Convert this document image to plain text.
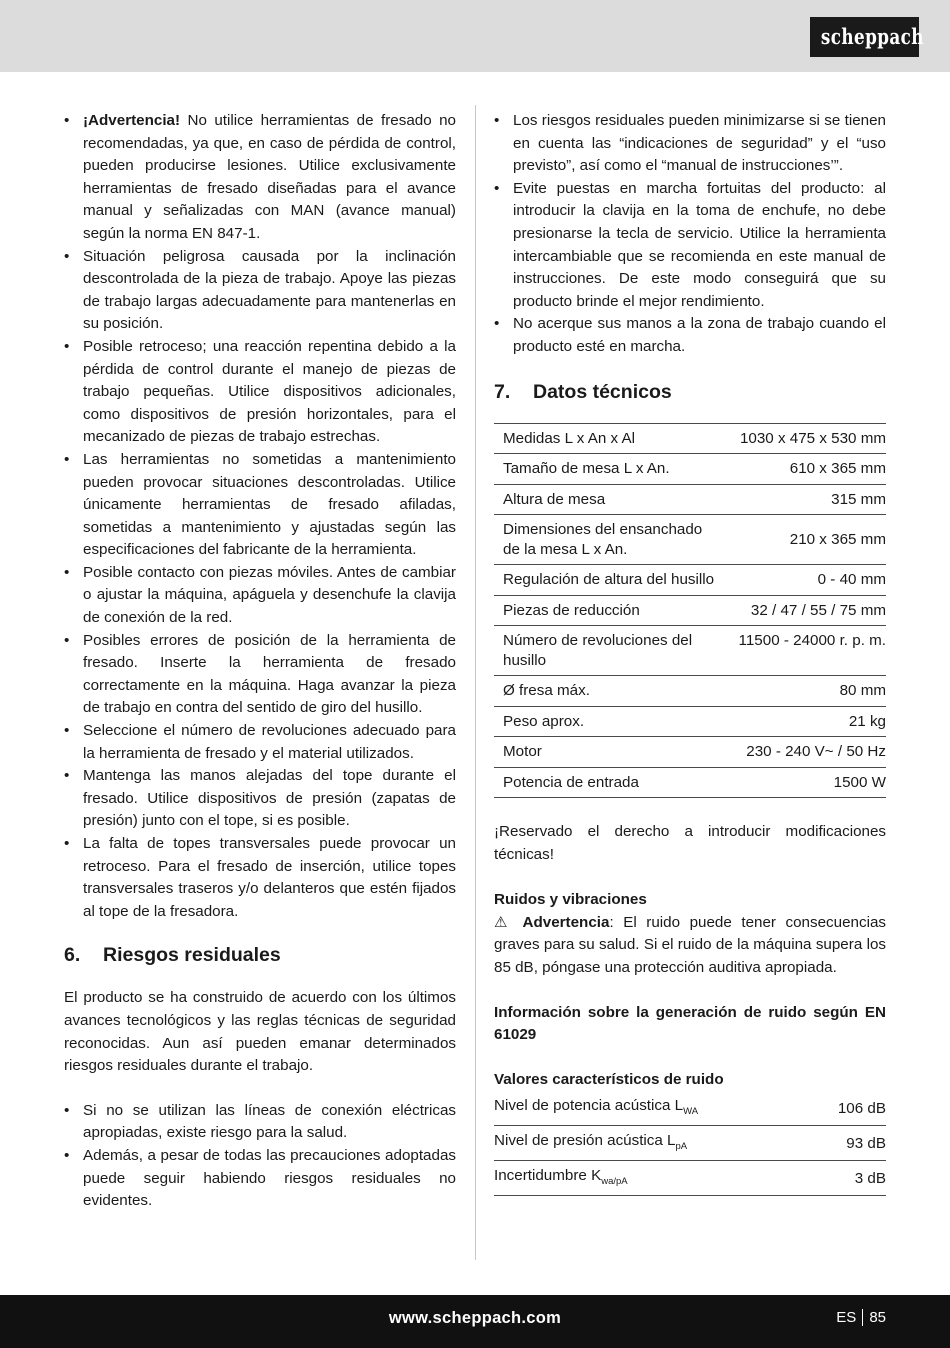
scheppach
• ¡Advertencia! No utilice herramientas de fresado no recomendadas, ya que, en caso de pérdida de control, pueden producirse lesiones. Utilice exclusivamente herramientas de fresado diseñadas para el avance manual y señalizadas con MAN (avance manual) según la norma EN 847-1.
• Situación peligrosa causada por la inclinación descontrolada de la pieza de trabajo. Apoye las piezas de trabajo largas adecuadamente para mantenerlas en su posición.
• Posible retroceso; una reacción repentina debido a la pérdida de control durante el manejo de piezas de trabajo pequeñas. Utilice dispositivos adicionales, como dispositivos de presión horizontales, para el mecanizado de piezas de trabajo estrechas.
• Las herramientas no sometidas a mantenimiento pueden provocar situaciones descontroladas. Utilice únicamente herramientas de fresado afiladas, sometidas a mantenimiento y ajustadas según las especificaciones del fabricante de la herramienta.
• Posible contacto con piezas móviles. Antes de cambiar o ajustar la máquina, apáguela y desenchufe la clavija de conexión de la red.
• Posibles errores de posición de la herramienta de fresado. Inserte la herramienta de fresado correctamente en la máquina. Haga avanzar la pieza de trabajo en contra del sentido de giro del husillo.
• Seleccione el número de revoluciones adecuado para la herramienta de fresado y el material utilizados.
• Mantenga las manos alejadas del tope durante el fresado. Utilice dispositivos de presión (zapatas de presión) junto con el tope, si es posible.
• La falta de topes transversales puede provocar un retroceso. Para el fresado de inserción, utilice topes transversales traseros y/o delanteros que estén fijados al tope de la fresadora.
6.	Riesgos residuales

El producto se ha construido de acuerdo con los últimos avances tecnológicos y las reglas técnicas de seguridad reconocidas. Aun así pueden emanar determinados riesgos residuales durante el trabajo.

• Si no se utilizan las líneas de conexión eléctricas apropiadas, existe riesgo para la salud.
• Además, a pesar de todas las precauciones adoptadas puede seguir habiendo riesgos residuales no evidentes.
• Los riesgos residuales pueden minimizarse si se tienen en cuenta las “indicaciones de seguridad” y el “uso previsto”, así como el “manual de instrucciones’”.
• Evite puestas en marcha fortuitas del producto: al introducir la clavija en la toma de enchufe, no debe presionarse la tecla de servicio. Utilice la herramienta intercambiable que se recomienda en este manual de instrucciones. De este modo conseguirá que su producto brinde el mejor rendimiento.
• No acerque sus manos a la zona de trabajo cuando el producto esté en marcha.
7.	Datos técnicos
Medidas L x An x Al	1030 x 475 x 530 mm
Tamaño de mesa L x An.	610 x 365 mm
Altura de mesa	315 mm
Dimensiones del ensanchado de la mesa L x An.	210 x 365 mm
Regulación de altura del husillo	0 - 40 mm
Piezas de reducción	32 / 47 / 55 / 75 mm
Número de revoluciones del husillo	11500 - 24000 r. p. m.
Ø fresa máx.	80 mm
Peso aprox.	21 kg
Motor	230 - 240 V~ / 50 Hz
Potencia de entrada	1500 W

¡Reservado el derecho a introducir modificaciones técnicas!

Ruidos y vibraciones

⚠ Advertencia: El ruido puede tener consecuencias graves para su salud. Si el ruido de la máquina supera los 85 dB, póngase una protección auditiva apropiada.

Información sobre la generación de ruido según EN 61029

Valores característicos de ruido

Nivel de potencia acústica $L_{WA}$	106 dB
Nivel de presión acústica $L_{pA}$	93 dB
Incertidumbre $K_{wa/pA}$	3 dB
www.scheppach.com	ES 85
